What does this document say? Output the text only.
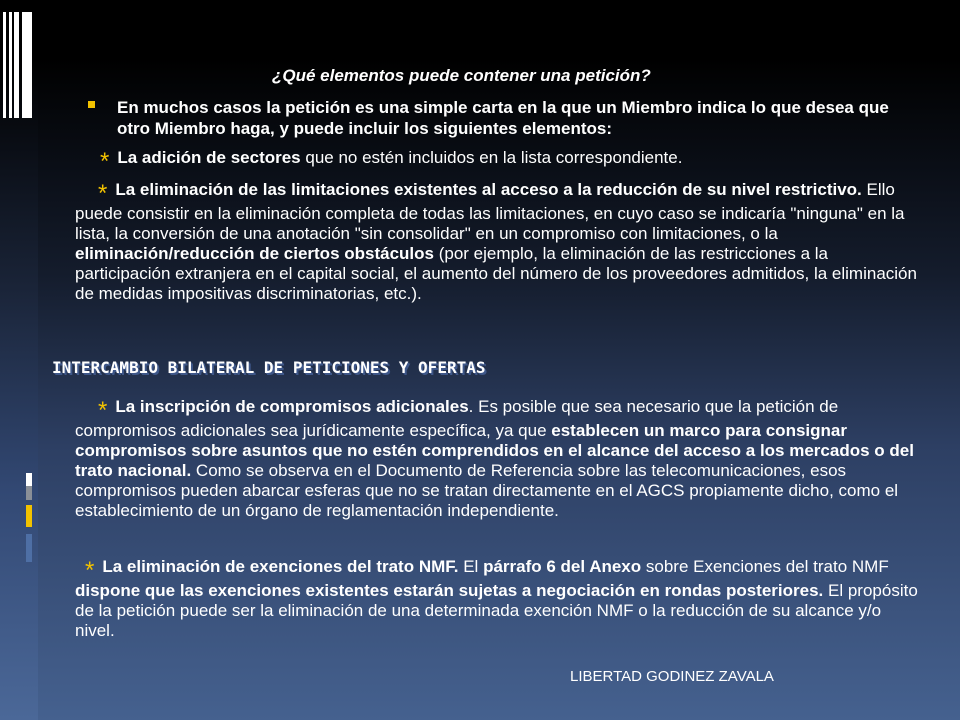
¿Qué elementos puede contener una petición?
En muchos casos la petición es una simple carta en la que un Miembro indica lo que desea que otro Miembro haga, y puede incluir los siguientes elementos:
* La adición de sectores que no estén incluidos en la lista correspondiente.
* La eliminación de las limitaciones existentes al acceso a la reducción de su nivel restrictivo. Ello puede consistir en la eliminación completa de todas las limitaciones, en cuyo caso se indicaría "ninguna" en la lista, la conversión de una anotación "sin consolidar" en un compromiso con limitaciones, o la eliminación/reducción de ciertos obstáculos (por ejemplo, la eliminación de las restricciones a la participación extranjera en el capital social, el aumento del número de los proveedores admitidos, la eliminación de medidas impositivas discriminatorias, etc.).
INTERCAMBIO BILATERAL DE PETICIONES Y OFERTAS
* La inscripción de compromisos adicionales. Es posible que sea necesario que la petición de compromisos adicionales sea jurídicamente específica, ya que establecen un marco para consignar compromisos sobre asuntos que no estén comprendidos en el alcance del acceso a los mercados o del trato nacional. Como se observa en el Documento de Referencia sobre las telecomunicaciones, esos compromisos pueden abarcar esferas que no se tratan directamente en el AGCS propiamente dicho, como el establecimiento de un órgano de reglamentación independiente.
* La eliminación de exenciones del trato NMF. El párrafo 6 del Anexo sobre Exenciones del trato NMF dispone que las exenciones existentes estarán sujetas a negociación en rondas posteriores. El propósito de la petición puede ser la eliminación de una determinada exención NMF o la reducción de su alcance y/o nivel.
LIBERTAD GODINEZ ZAVALA
